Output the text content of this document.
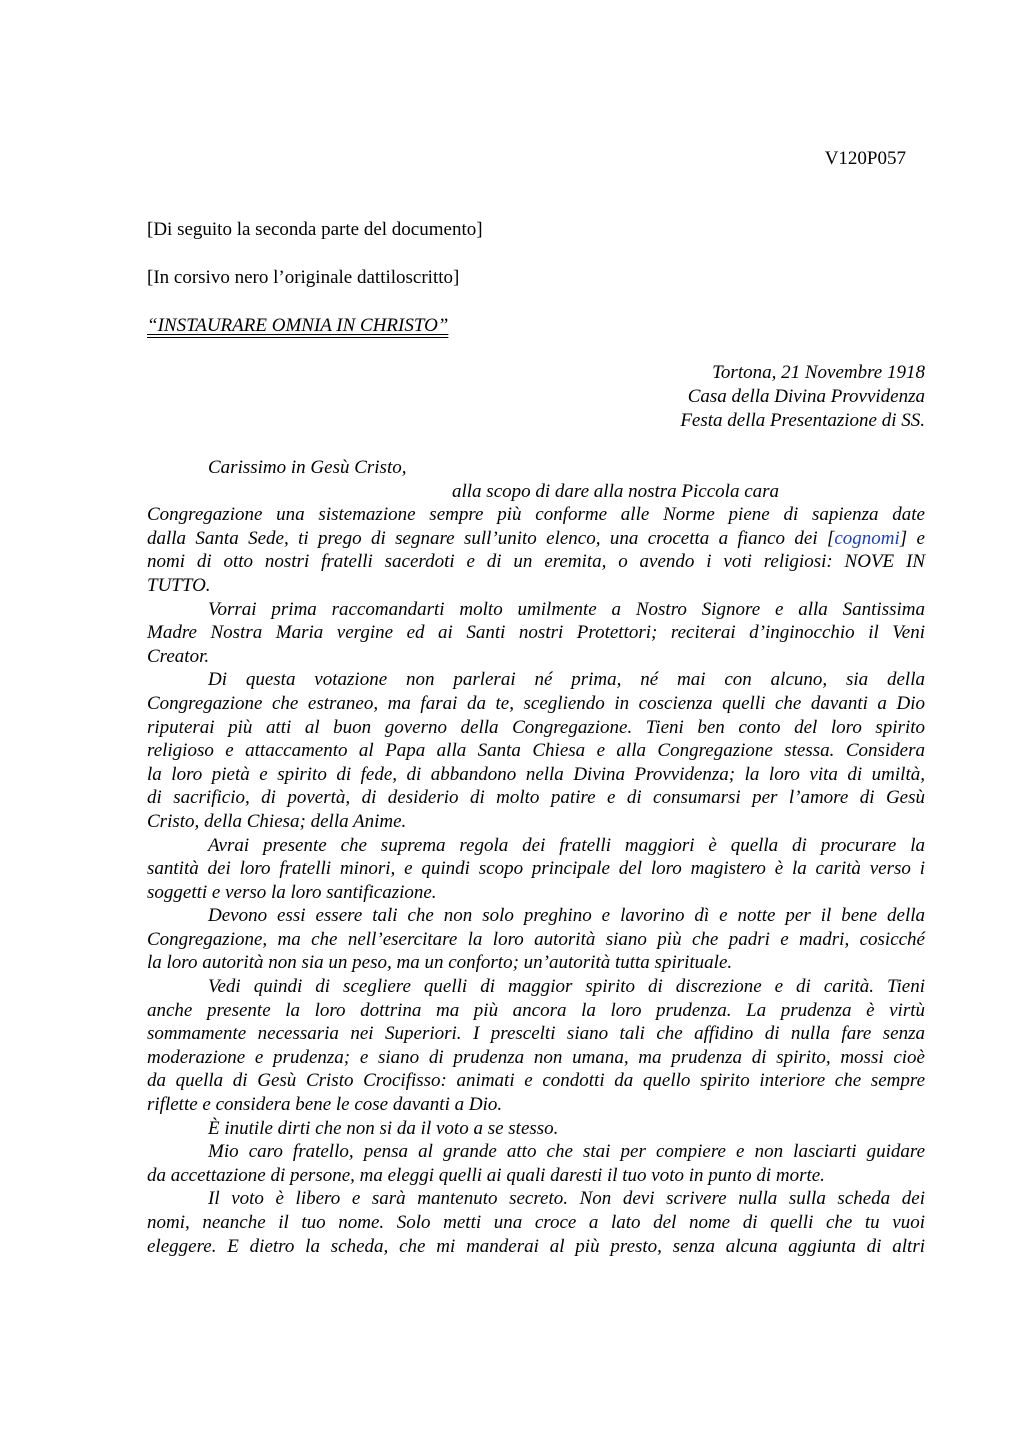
V120P057
[Di seguito la seconda parte del documento]
[In corsivo nero l’originale dattiloscritto]
“INSTAURARE OMNIA IN CHRISTO”
Tortona, 21 Novembre 1918
Casa della Divina Provvidenza
Festa della Presentazione di SS.
Carissimo in Gesù Cristo,
alla scopo di dare alla nostra Piccola cara
Congregazione una sistemazione sempre più conforme alle Norme piene di sapienza date
dalla Santa Sede, ti prego di segnare sull’unito elenco, una crocetta a fianco dei [cognomi] e
nomi di otto nostri fratelli sacerdoti e di un eremita, o avendo i voti religiosi: NOVE IN
TUTTO.
Vorrai prima raccomandarti molto umilmente a Nostro Signore e alla Santissima
Madre Nostra Maria vergine ed ai Santi nostri Protettori; reciterai d’inginocchio il Veni
Creator.
Di questa votazione non parlerai né prima, né mai con alcuno, sia della
Congregazione che estraneo, ma farai da te, scegliendo in coscienza quelli che davanti a Dio
riputerai più atti al buon governo della Congregazione. Tieni ben conto del loro spirito
religioso e attaccamento al Papa alla Santa Chiesa e alla Congregazione stessa. Considera
la loro pietà e spirito di fede, di abbandono nella Divina Provvidenza; la loro vita di umiltà,
di sacrificio, di povertà, di desiderio di molto patire e di consumarsi per l’amore di Gesù
Cristo, della Chiesa; della Anime.
Avrai presente che suprema regola dei fratelli maggiori è quella di procurare la
santità dei loro fratelli minori, e quindi scopo principale del loro magistero è la carità verso i
soggetti e verso la loro santificazione.
Devono essi essere tali che non solo preghino e lavorino dì e notte per il bene della
Congregazione, ma che nell’esercitare la loro autorità siano più che padri e madri, cosicché
la loro autorità non sia un peso, ma un conforto; un’autorità tutta spirituale.
Vedi quindi di scegliere quelli di maggior spirito di discrezione e di carità. Tieni
anche presente la loro dottrina ma più ancora la loro prudenza. La prudenza è virtù
sommamente necessaria nei Superiori. I prescelti siano tali che affidino di nulla fare senza
moderazione e prudenza; e siano di prudenza non umana, ma prudenza di spirito, mossi cioè
da quella di Gesù Cristo Crocifisso: animati e condotti da quello spirito interiore che sempre
riflette e considera bene le cose davanti a Dio.
È inutile dirti che non si da il voto a se stesso.
Mio caro fratello, pensa al grande atto che stai per compiere e non lasciarti guidare
da accettazione di persone, ma eleggi quelli ai quali daresti il tuo voto in punto di morte.
Il voto è libero e sarà mantenuto secreto. Non devi scrivere nulla sulla scheda dei
nomi, neanche il tuo nome. Solo metti una croce a lato del nome di quelli che tu vuoi
eleggere. E dietro la scheda, che mi manderai al più presto, senza alcuna aggiunta di altri
